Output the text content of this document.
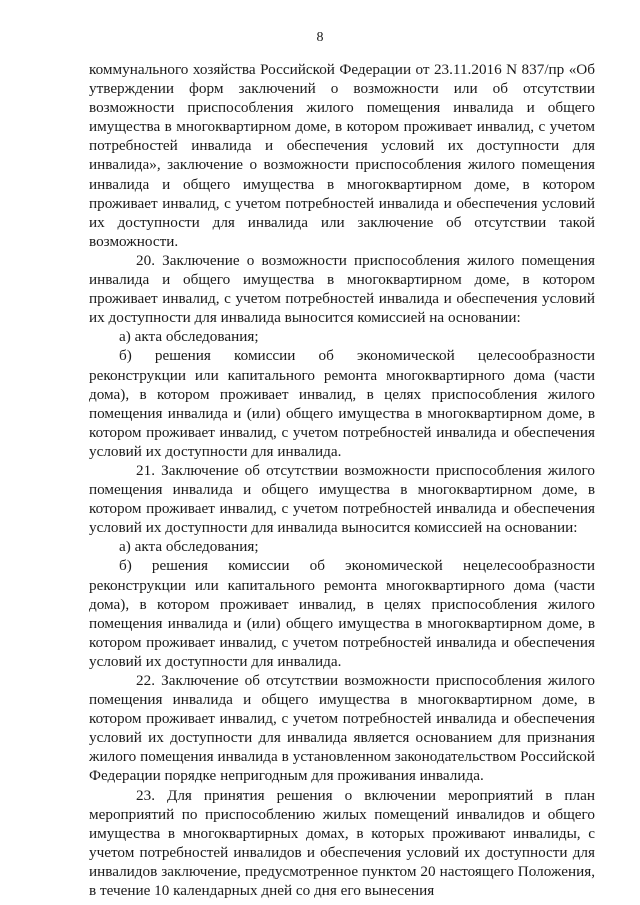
8

коммунального хозяйства Российской Федерации от 23.11.2016 N 837/пр «Об утверждении форм заключений о возможности или об отсутствии возможности приспособления жилого помещения инвалида и общего имущества в многоквартирном доме, в котором проживает инвалид, с учетом потребностей инвалида и обеспечения условий их доступности для инвалида», заключение о возможности приспособления жилого помещения инвалида и общего имущества в многоквартирном доме, в котором проживает инвалид, с учетом потребностей инвалида и обеспечения условий их доступности для инвалида или заключение об отсутствии такой возможности.

20. Заключение о возможности приспособления жилого помещения инвалида и общего имущества в многоквартирном доме, в котором проживает инвалид, с учетом потребностей инвалида и обеспечения условий их доступности для инвалида выносится комиссией на основании:

а) акта обследования;

б) решения комиссии об экономической целесообразности реконструкции или капитального ремонта многоквартирного дома (части дома), в котором проживает инвалид, в целях приспособления жилого помещения инвалида и (или) общего имущества в многоквартирном доме, в котором проживает инвалид, с учетом потребностей инвалида и обеспечения условий их доступности для инвалида.

21. Заключение об отсутствии возможности приспособления жилого помещения инвалида и общего имущества в многоквартирном доме, в котором проживает инвалид, с учетом потребностей инвалида и обеспечения условий их доступности для инвалида выносится комиссией на основании:

а) акта обследования;

б) решения комиссии об экономической нецелесообразности реконструкции или капитального ремонта многоквартирного дома (части дома), в котором проживает инвалид, в целях приспособления жилого помещения инвалида и (или) общего имущества в многоквартирном доме, в котором проживает инвалид, с учетом потребностей инвалида и обеспечения условий их доступности для инвалида.

22. Заключение об отсутствии возможности приспособления жилого помещения инвалида и общего имущества в многоквартирном доме, в котором проживает инвалид, с учетом потребностей инвалида и обеспечения условий их доступности для инвалида является основанием для признания жилого помещения инвалида в установленном законодательством Российской Федерации порядке непригодным для проживания инвалида.

23. Для принятия решения о включении мероприятий в план мероприятий по приспособлению жилых помещений инвалидов и общего имущества в многоквартирных домах, в которых проживают инвалиды, с учетом потребностей инвалидов и обеспечения условий их доступности для инвалидов заключение, предусмотренное пунктом 20 настоящего Положения, в течение 10 календарных дней со дня его вынесения
